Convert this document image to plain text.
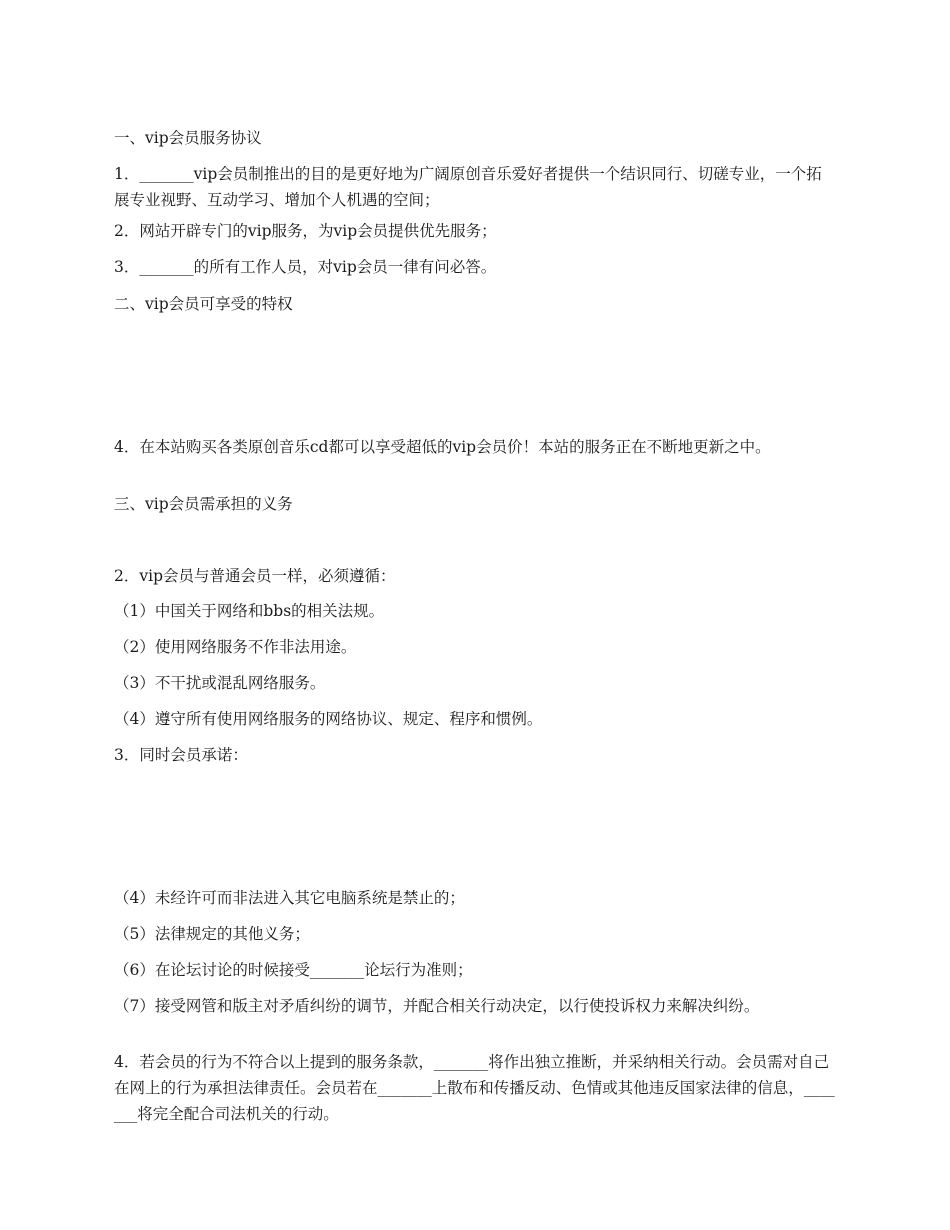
一、vip会员服务协议

1．_______vip会员制推出的目的是更好地为广阔原创音乐爱好者提供一个结识同行、切磋专业，一个拓展专业视野、互动学习、增加个人机遇的空间；

2．网站开辟专门的vip服务，为vip会员提供优先服务；

3．_______的所有工作人员，对vip会员一律有问必答。

二、vip会员可享受的特权

4．在本站购买各类原创音乐cd都可以享受超低的vip会员价！本站的服务正在不断地更新之中。

三、vip会员需承担的义务

2．vip会员与普通会员一样，必须遵循：

（1）中国关于网络和bbs的相关法规。

（2）使用网络服务不作非法用途。

（3）不干扰或混乱网络服务。

（4）遵守所有使用网络服务的网络协议、规定、程序和惯例。

3．同时会员承诺：

（4）未经许可而非法进入其它电脑系统是禁止的；

（5）法律规定的其他义务；

（6）在论坛讨论的时候接受_______论坛行为准则；

（7）接受网管和版主对矛盾纠纷的调节，并配合相关行动决定，以行使投诉权力来解决纠纷。

4．若会员的行为不符合以上提到的服务条款，_______将作出独立推断，并采纳相关行动。会员需对自己在网上的行为承担法律责任。会员若在_______上散布和传播反动、色情或其他违反国家法律的信息，_______将完全配合司法机关的行动。
